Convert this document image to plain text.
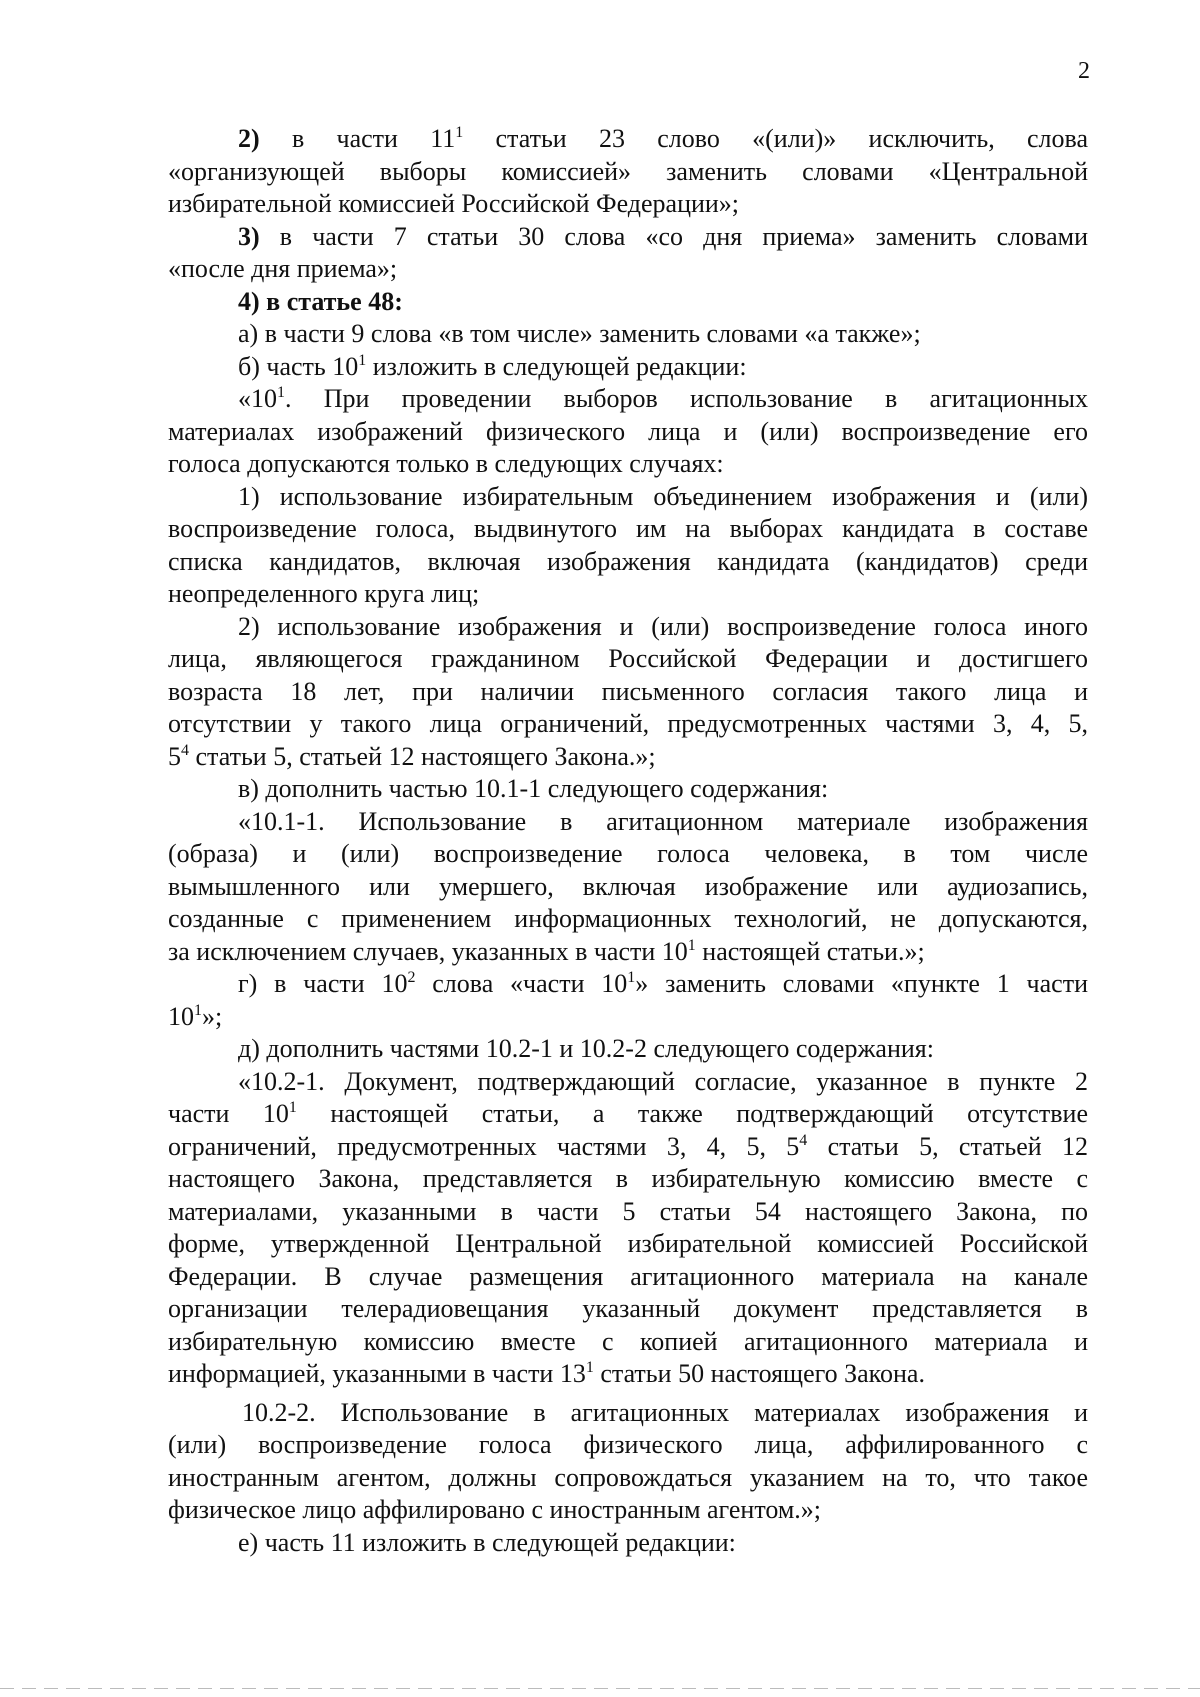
2
2) в части $11^1$ статьи 23 слово «(или)» исключить, слова
«организующей выборы комиссией» заменить словами «Центральной
избирательной комиссией Российской Федерации»;
3) в части 7 статьи 30 слова «со дня приема» заменить словами
«после дня приема»;
4) в статье 48:
а) в части 9 слова «в том числе» заменить словами «а также»;
б) часть $10^1$ изложить в следующей редакции:
«$10^1$. При проведении выборов использование в агитационных
материалах изображений физического лица и (или) воспроизведение его
голоса допускаются только в следующих случаях:
1) использование избирательным объединением изображения и (или)
воспроизведение голоса, выдвинутого им на выборах кандидата в составе
списка кандидатов, включая изображения кандидата (кандидатов) среди
неопределенного круга лиц;
2) использование изображения и (или) воспроизведение голоса иного
лица, являющегося гражданином Российской Федерации и достигшего
возраста 18 лет, при наличии письменного согласия такого лица и
отсутствии у такого лица ограничений, предусмотренных частями 3, 4, 5,
$5^4$ статьи 5, статьей 12 настоящего Закона.»;
в) дополнить частью 10.1-1 следующего содержания:
«10.1-1. Использование в агитационном материале изображения
(образа) и (или) воспроизведение голоса человека, в том числе
вымышленного или умершего, включая изображение или аудиозапись,
созданные с применением информационных технологий, не допускаются,
за исключением случаев, указанных в части $10^1$ настоящей статьи.»;
г) в части $10^2$ слова «части $10^1$» заменить словами «пункте 1 части
$10^1$»;
д) дополнить частями 10.2-1 и 10.2-2 следующего содержания:
«10.2-1. Документ, подтверждающий согласие, указанное в пункте 2
части $10^1$ настоящей статьи, а также подтверждающий отсутствие
ограничений, предусмотренных частями 3, 4, 5, $5^4$ статьи 5, статьей 12
настоящего Закона, представляется в избирательную комиссию вместе с
материалами, указанными в части 5 статьи 54 настоящего Закона, по
форме, утвержденной Центральной избирательной комиссией Российской
Федерации. В случае размещения агитационного материала на канале
организации телерадиовещания указанный документ представляется в
избирательную комиссию вместе с копией агитационного материала и
информацией, указанными в части $13^1$ статьи 50 настоящего Закона.
10.2-2. Использование в агитационных материалах изображения и
(или) воспроизведение голоса физического лица, аффилированного с
иностранным агентом, должны сопровождаться указанием на то, что такое
физическое лицо аффилировано с иностранным агентом.»;
е) часть 11 изложить в следующей редакции:
